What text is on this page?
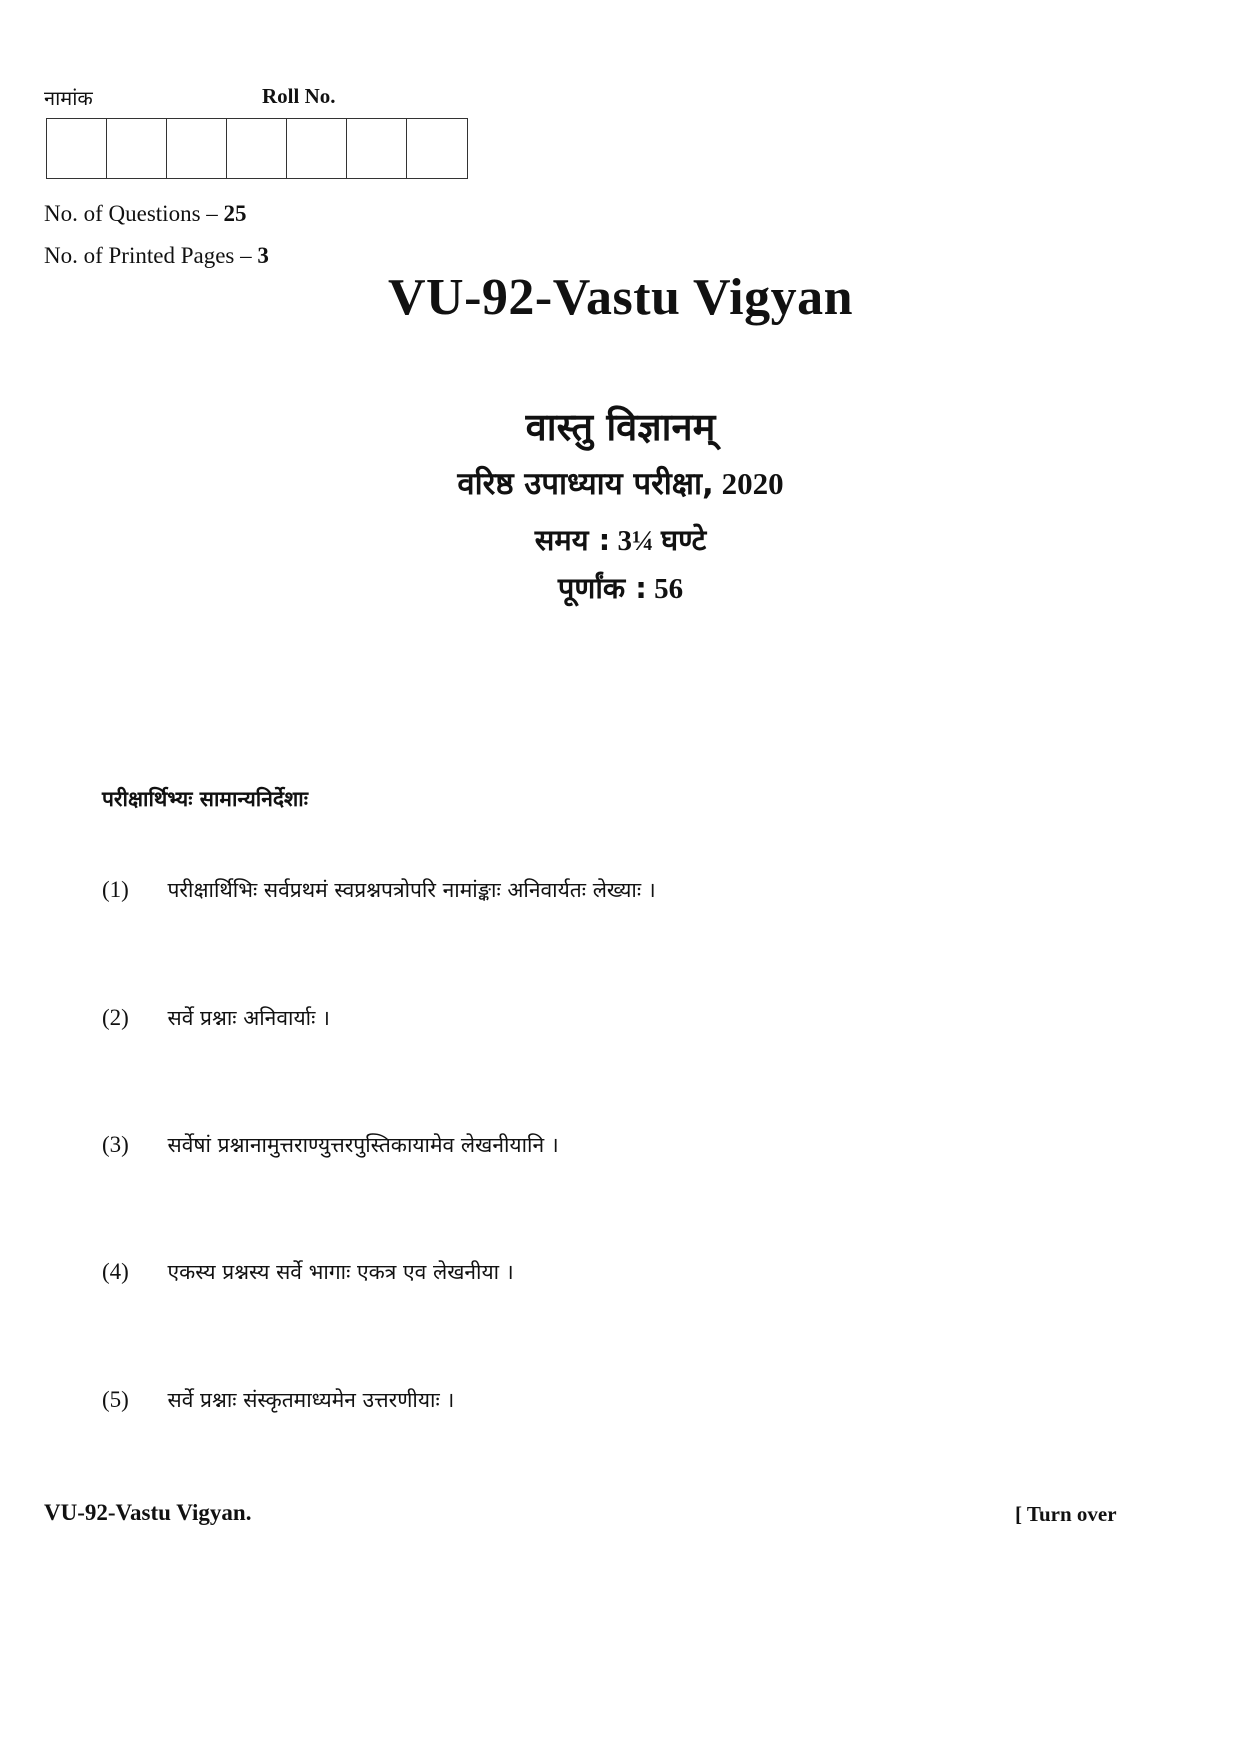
नामांक	Roll No.
No. of Questions – 25
No. of Printed Pages – 3
VU-92-Vastu Vigyan
वास्तु विज्ञानम्
वरिष्ठ उपाध्याय परीक्षा, 2020
समय : 3¼ घण्टे
पूर्णांक : 56
परीक्षार्थिभ्यः सामान्यनिर्देशाः
(1) परीक्षार्थिभिः सर्वप्रथमं स्वप्रश्नपत्रोपरि नामांङ्काः अनिवार्यतः लेख्याः ।
(2) सर्वे प्रश्नाः अनिवार्याः ।
(3) सर्वेषां प्रश्नानामुत्तराण्युत्तरपुस्तिकायामेव लेखनीयानि ।
(4) एकस्य प्रश्नस्य सर्वे भागाः एकत्र एव लेखनीया ।
(5) सर्वे प्रश्नाः संस्कृतमाध्यमेन उत्तरणीयाः ।
VU-92-Vastu Vigyan.	[ Turn over
